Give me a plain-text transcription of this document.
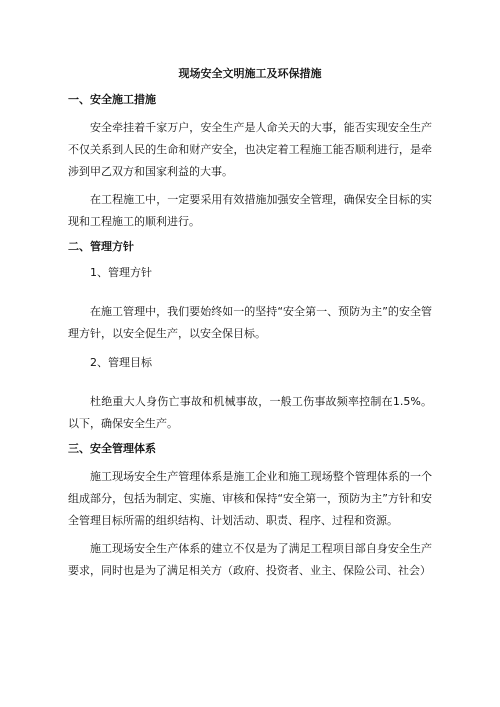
现场安全文明施工及环保措施
一、安全施工措施
安全牵挂着千家万户，安全生产是人命关天的大事，能否实现安全生产不仅关系到人民的生命和财产安全，也决定着工程施工能否顺利进行，是牵涉到甲乙双方和国家利益的大事。
在工程施工中，一定要采用有效措施加强安全管理，确保安全目标的实现和工程施工的顺利进行。
二、管理方针
1、管理方针
在施工管理中，我们要始终如一的坚持“安全第一、预防为主”的安全管理方针，以安全促生产，以安全保目标。
2、管理目标
杜绝重大人身伤亡事故和机械事故，一般工伤事故频率控制在1.5%。以下，确保安全生产。
三、安全管理体系
施工现场安全生产管理体系是施工企业和施工现场整个管理体系的一个组成部分，包括为制定、实施、审核和保持“安全第一，预防为主”方针和安全管理目标所需的组织结构、计划活动、职责、程序、过程和资源。
施工现场安全生产体系的建立不仅是为了满足工程项目部自身安全生产要求，同时也是为了满足相关方（政府、投资者、业主、保险公司、社会）
